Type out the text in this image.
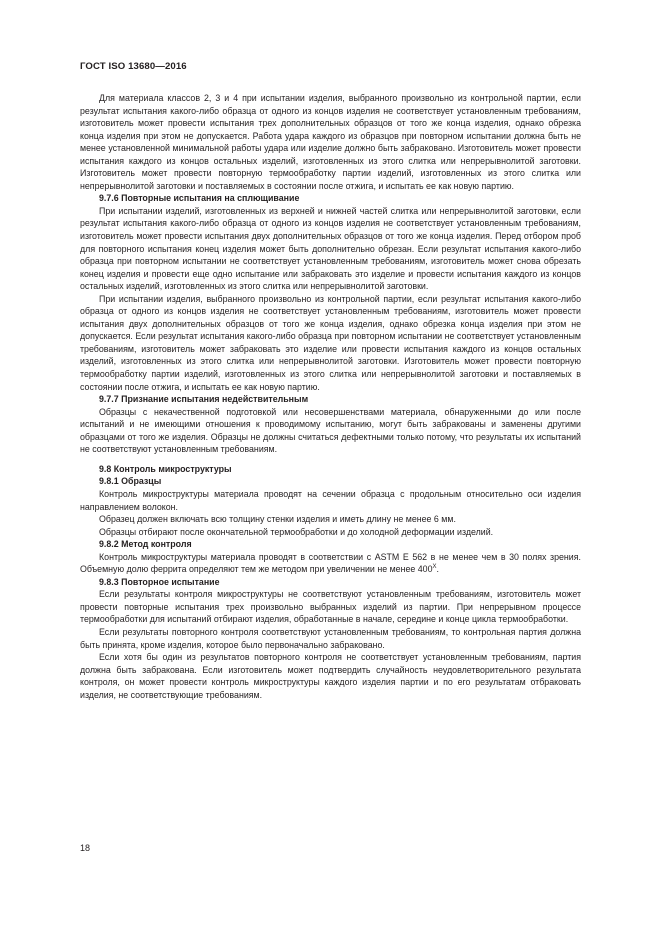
ГОСТ ISO 13680—2016

Для материала классов 2, 3 и 4 при испытании изделия, выбранного произвольно из контрольной партии, если результат испытания какого-либо образца от одного из концов изделия не соответствует установленным требованиям, изготовитель может провести испытания трех дополнительных образцов от того же конца изделия, однако обрезка конца изделия при этом не допускается. Работа удара каждого из образцов при повторном испытании должна быть не менее установленной минимальной работы удара или изделие должно быть забраковано. Изготовитель может провести испытания каждого из концов остальных изделий, изготовленных из этого слитка или непрерывнолитой заготовки. Изготовитель может провести повторную термообработку партии изделий, изготовленных из этого слитка или непрерывнолитой заготовки и поставляемых в состоянии после отжига, и испытать ее как новую партию.

9.7.6 Повторные испытания на сплющивание

При испытании изделий, изготовленных из верхней и нижней частей слитка или непрерывнолитой заготовки, если результат испытания какого-либо образца от одного из концов изделия не соответствует установленным требованиям, изготовитель может провести испытания двух дополнительных образцов от того же конца изделия. Перед отбором проб для повторного испытания конец изделия может быть дополнительно обрезан. Если результат испытания какого-либо образца при повторном испытании не соответствует установленным требованиям, изготовитель может снова обрезать конец изделия и провести еще одно испытание или забраковать это изделие и провести испытания каждого из концов остальных изделий, изготовленных из этого слитка или непрерывнолитой заготовки.

При испытании изделия, выбранного произвольно из контрольной партии, если результат испытания какого-либо образца от одного из концов изделия не соответствует установленным требованиям, изготовитель может провести испытания двух дополнительных образцов от того же конца изделия, однако обрезка конца изделия при этом не допускается. Если результат испытания какого-либо образца при повторном испытании не соответствует установленным требованиям, изготовитель может забраковать это изделие или провести испытания каждого из концов остальных изделий, изготовленных из этого слитка или непрерывнолитой заготовки. Изготовитель может провести повторную термообработку партии изделий, изготовленных из этого слитка или непрерывнолитой заготовки и поставляемых в состоянии после отжига, и испытать ее как новую партию.

9.7.7 Признание испытания недействительным

Образцы с некачественной подготовкой или несовершенствами материала, обнаруженными до или после испытаний и не имеющими отношения к проводимому испытанию, могут быть забракованы и заменены другими образцами от того же изделия. Образцы не должны считаться дефектными только потому, что результаты их испытаний не соответствуют установленным требованиям.

9.8 Контроль микроструктуры
9.8.1 Образцы

Контроль микроструктуры материала проводят на сечении образца с продольным относительно оси изделия направлением волокон.

Образец должен включать всю толщину стенки изделия и иметь длину не менее 6 мм.

Образцы отбирают после окончательной термообработки и до холодной деформации изделий.

9.8.2 Метод контроля

Контроль микроструктуры материала проводят в соответствии с ASTM E 562 в не менее чем в 30 полях зрения. Объемную долю феррита определяют тем же методом при увеличении не менее $400^X$.

9.8.3 Повторное испытание

Если результаты контроля микроструктуры не соответствуют установленным требованиям, изготовитель может провести повторные испытания трех произвольно выбранных изделий из партии. При непрерывном процессе термообработки для испытаний отбирают изделия, обработанные в начале, середине и конце цикла термообработки.

Если результаты повторного контроля соответствуют установленным требованиям, то контрольная партия должна быть принята, кроме изделия, которое было первоначально забраковано.

Если хотя бы один из результатов повторного контроля не соответствует установленным требованиям, партия должна быть забракована. Если изготовитель может подтвердить случайность неудовлетворительного результата контроля, он может провести контроль микроструктуры каждого изделия партии и по его результатам отбраковать изделия, не соответствующие требованиям.

18
